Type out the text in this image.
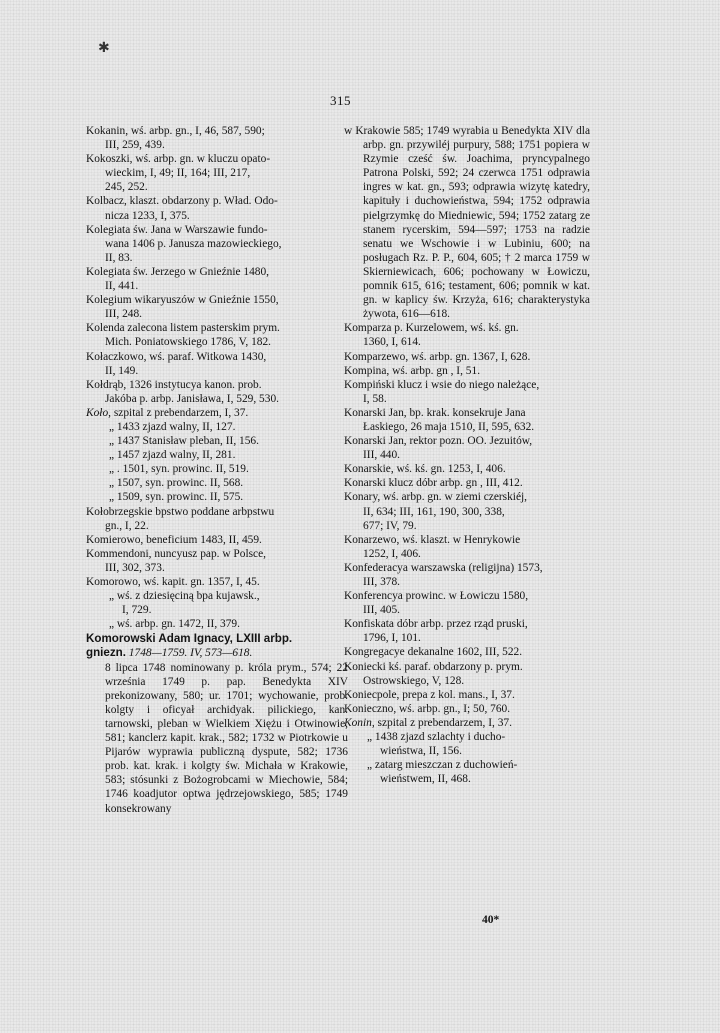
✱
315
Kokanin, wś. arbp. gn., I, 46, 587, 590;
III, 259, 439.
Kokoszki, wś. arbp. gn. w kluczu opato-
wieckim, I, 49; II, 164; III, 217,
245, 252.
Kolbacz, klaszt. obdarzony p. Wład. Odo-
nicza 1233, I, 375.
Kolegiata św. Jana w Warszawie fundo-
wana 1406 p. Janusza mazowieckiego,
II, 83.
Kolegiata św. Jerzego w Gnieźnie 1480,
II, 441.
Kolegium wikaryuszów w Gnieźnie 1550,
III, 248.
Kolenda zalecona listem pasterskim prym.
Mich. Poniatowskiego 1786, V, 182.
Kołaczkowo, wś. paraf. Witkowa 1430,
II, 149.
Kołdrąb, 1326 instytucya kanon. prob.
Jakóba p. arbp. Janisława, I, 529, 530.
Koło, szpital z prebendarzem, I, 37.
„ 1433 zjazd walny, II, 127.
„ 1437 Stanisław pleban, II, 156.
„ 1457 zjazd walny, II, 281.
„ . 1501, syn. prowinc. II, 519.
„ 1507, syn. prowinc. II, 568.
„ 1509, syn. prowinc. II, 575.
Kołobrzegskie bpstwo poddane arbpstwu
gn., I, 22.
Komierowo, beneficium 1483, II, 459.
Kommendoni, nuncyusz pap. w Polsce,
III, 302, 373.
Komorowo, wś. kapit. gn. 1357, I, 45.
„ wś. z dziesięciną bpa kujawsk.,
I, 729.
„ wś. arbp. gn. 1472, II, 379.
Komorowski Adam Ignacy, LXIII arbp.
gniezn. 1748—1759. IV, 573—618.
8 lipca 1748 nominowany p. króla prym., 574; 22 września 1749 p. pap. Benedykta XIV prekonizowany, 580; ur. 1701; wychowanie, prob. kolgty i oficyał archidyak. pilickiego, kan. tarnowski, pleban w Wielkiem Xiężu i Otwinowie, 581; kanclerz kapit. krak., 582; 1732 w Piotrkowie u Pijarów wyprawia publiczną dyspute, 582; 1736 prob. kat. krak. i kolgty św. Michała w Krakowie, 583; stósunki z Bożogrobcami w Miechowie, 584; 1746 koadjutor optwa jędrzejowskiego, 585; 1749 konsekrowany
w Krakowie 585; 1749 wyrabia u Benedykta XIV dla arbp. gn. przywiléj purpury, 588; 1751 popiera w Rzymie cześć św. Joachima, pryncypalnego Patrona Polski, 592; 24 czerwca 1751 odprawia ingres w kat. gn., 593; odprawia wizytę katedry, kapituły i duchowieństwa, 594; 1752 odprawia pielgrzymkę do Miedniewic, 594; 1752 zatarg ze stanem rycerskim, 594—597; 1753 na radzie senatu we Wschowie i w Lubiniu, 600; na posługach Rz. P. P., 604, 605; † 2 marca 1759 w Skierniewicach, 606; pochowany w Łowiczu, pomnik 615, 616; testament, 606; pomnik w kat. gn. w kaplicy św. Krzyża, 616; charakterystyka żywota, 616—618.
Komparza p. Kurzelowem, wś. kś. gn.
1360, I, 614.
Komparzewo, wś. arbp. gn. 1367, I, 628.
Kompina, wś. arbp. gn , I, 51.
Kompiński klucz i wsie do niego należące,
I, 58.
Konarski Jan, bp. krak. konsekruje Jana
Łaskiego, 26 maja 1510, II, 595, 632.
Konarski Jan, rektor pozn. OO. Jezuitów,
III, 440.
Konarskie, wś. kś. gn. 1253, I, 406.
Konarski klucz dóbr arbp. gn , III, 412.
Konary, wś. arbp. gn. w ziemi czerskiéj,
II, 634; III, 161, 190, 300, 338,
677; IV, 79.
Konarzewo, wś. klaszt. w Henrykowie
1252, I, 406.
Konfederacya warszawska (religijna) 1573,
III, 378.
Konferencya prowinc. w Łowiczu 1580,
III, 405.
Konfiskata dóbr arbp. przez rząd pruski,
1796, I, 101.
Kongregacye dekanalne 1602, III, 522.
Koniecki kś. paraf. obdarzony p. prym.
Ostrowskiego, V, 128.
Koniecpole, prepa z kol. mans., I, 37.
Konieczno, wś. arbp. gn., I; 50, 760.
Konin, szpital z prebendarzem, I, 37.
„ 1438 zjazd szlachty i ducho-
wieństwa, II, 156.
„ zatarg mieszczan z duchowień-
wieństwem, II, 468.
40*
